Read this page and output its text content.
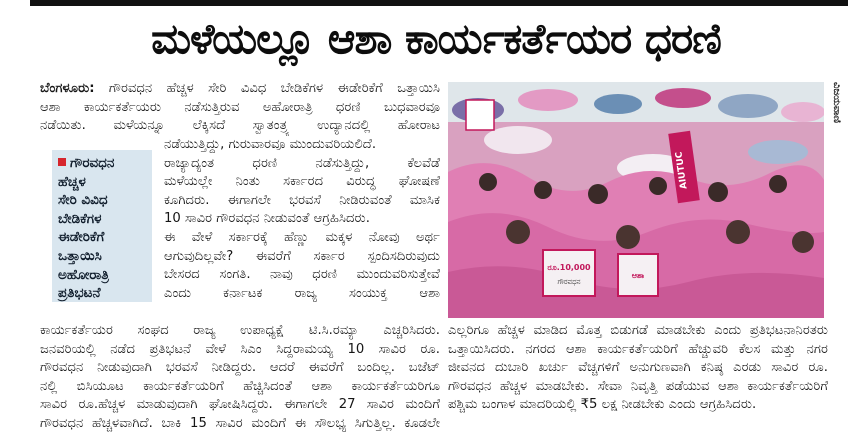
ಮಳೆಯಲ್ಲೂ ಆಶಾ ಕಾರ್ಯಕರ್ತೆಯರ ಧರಣಿ
ಬೆಂಗಳೂರು: ಗೌರವಧನ ಹೆಚ್ಚಳ ಸೇರಿ ವಿವಿಧ ಬೇಡಿಕೆಗಳ ಈಡೇರಿಕೆಗೆ ಒತ್ತಾಯಿಸಿ
ಆಶಾ ಕಾರ್ಯಕರ್ತೆಯರು ನಡೆಸುತ್ತಿರುವ ಅಹೋರಾತ್ರಿ ಧರಣಿ ಬುಧವಾರವೂ
ನಡೆಯಿತು. ಮಳೆಯನ್ನೂ ಲೆಕ್ಕಿಸದೆ ಸ್ವಾತಂತ್ರ್ಯ ಉದ್ಯಾನದಲ್ಲಿ ಹೋರಾಟ
ಗೌರವಧನ
ಹೆಚ್ಚಳ
ಸೇರಿ ವಿವಿಧ
ಬೇಡಿಕೆಗಳ
ಈಡೇರಿಕೆಗೆ
ಒತ್ತಾಯಿಸಿ
ಅಹೋರಾತ್ರಿ
ಪ್ರತಿಭಟನೆ
ನಡೆಯುತ್ತಿದ್ದು, ಗುರುವಾರವೂ ಮುಂದುವರಿಯಲಿದೆ.
ರಾಜ್ಯಾದ್ಯಂತ ಧರಣಿ ನಡೆಸುತ್ತಿದ್ದು, ಕೆಲವೆಡೆ
ಮಳೆಯಲ್ಲೇ ನಿಂತು ಸರ್ಕಾರದ ವಿರುದ್ಧ ಘೋಷಣೆ
ಕೂಗಿದರು. ಈಗಾಗಲೇ ಭರವಸೆ ನೀಡಿರುವಂತೆ ಮಾಸಿಕ
10 ಸಾವಿರ ಗೌರವಧನ ನೀಡುವಂತೆ ಆಗ್ರಹಿಸಿದರು.
ಈ ವೇಳೆ ಸರ್ಕಾರಕ್ಕೆ ಹೆಣ್ಣು ಮಕ್ಕಳ ನೋವು ಅರ್ಥ
ಆಗುವುದಿಲ್ಲವೇ? ಈವರೆಗೆ ಸರ್ಕಾರ ಸ್ಪಂದಿಸದಿರುವುದು
ಬೇಸರದ ಸಂಗತಿ. ನಾವು ಧರಣಿ ಮುಂದುವರಿಸುತ್ತೇವೆ
ಎಂದು ಕರ್ನಾಟಕ ರಾಜ್ಯ ಸಂಯುಕ್ತ ಆಶಾ
ಕಾರ್ಯಕರ್ತೆಯರ ಸಂಘದ ರಾಜ್ಯ ಉಪಾಧ್ಯಕ್ಷೆ ಟಿ.ಸಿ.ರಮ್ಯಾ ಎಚ್ಚರಿಸಿದರು.
ಜನವರಿಯಲ್ಲಿ ನಡೆದ ಪ್ರತಿಭಟನೆ ವೇಳೆ ಸಿಎಂ ಸಿದ್ದರಾಮಯ್ಯ 10 ಸಾವಿರ ರೂ.
ಗೌರವಧನ ನೀಡುವುದಾಗಿ ಭರವಸೆ ನೀಡಿದ್ದರು. ಆದರೆ ಈವರೆಗೆ ಬಂದಿಲ್ಲ. ಬಜೆಟ್
ನಲ್ಲಿ ಬಿಸಿಯೂಟ ಕಾರ್ಯಕರ್ತೆಯರಿಗೆ ಹೆಚ್ಚಿಸಿದಂತೆ ಆಶಾ ಕಾರ್ಯಕರ್ತೆಯರಿಗೂ
ಸಾವಿರ ರೂ.ಹೆಚ್ಚಳ ಮಾಡುವುದಾಗಿ ಘೋಷಿಸಿದ್ದರು. ಈಗಾಗಲೇ 27 ಸಾವಿರ ಮಂದಿಗೆ
ಗೌರವಧನ ಹೆಚ್ಚಳವಾಗಿದೆ. ಬಾಕಿ 15 ಸಾವಿರ ಮಂದಿಗೆ ಈ ಸೌಲಭ್ಯ ಸಿಗುತ್ತಿಲ್ಲ. ಕೂಡಲೇ
AIUTUC
ರೂ.10,000
ಗೌರವಧನ
ಆಶಾ
ವಿಜಯವಾಣಿ
ಎಲ್ಲರಿಗೂ ಹೆಚ್ಚಳ ಮಾಡಿದ ಮೊತ್ತ ಬಿಡುಗಡೆ ಮಾಡಬೇಕು ಎಂದು ಪ್ರತಿಭಟನಾನಿರತರು
ಒತ್ತಾಯಿಸಿದರು. ನಗರದ ಆಶಾ ಕಾರ್ಯಕರ್ತೆಯರಿಗೆ ಹೆಚ್ಚುವರಿ ಕೆಲಸ ಮತ್ತು ನಗರ
ಜೀವನದ ದುಬಾರಿ ಖರ್ಚು ವೆಚ್ಚಗಳಿಗೆ ಅನುಗುಣವಾಗಿ ಕನಿಷ್ಠ ಎರಡು ಸಾವಿರ ರೂ.
ಗೌರವಧನ ಹೆಚ್ಚಳ ಮಾಡಬೇಕು. ಸೇವಾ ನಿವೃತ್ತಿ ಪಡೆಯುವ ಆಶಾ ಕಾರ್ಯಕರ್ತೆಯರಿಗೆ
ಪಶ್ಚಿಮ ಬಂಗಾಳ ಮಾದರಿಯಲ್ಲಿ ₹5 ಲಕ್ಷ ನೀಡಬೇಕು ಎಂದು ಆಗ್ರಹಿಸಿದರು.
